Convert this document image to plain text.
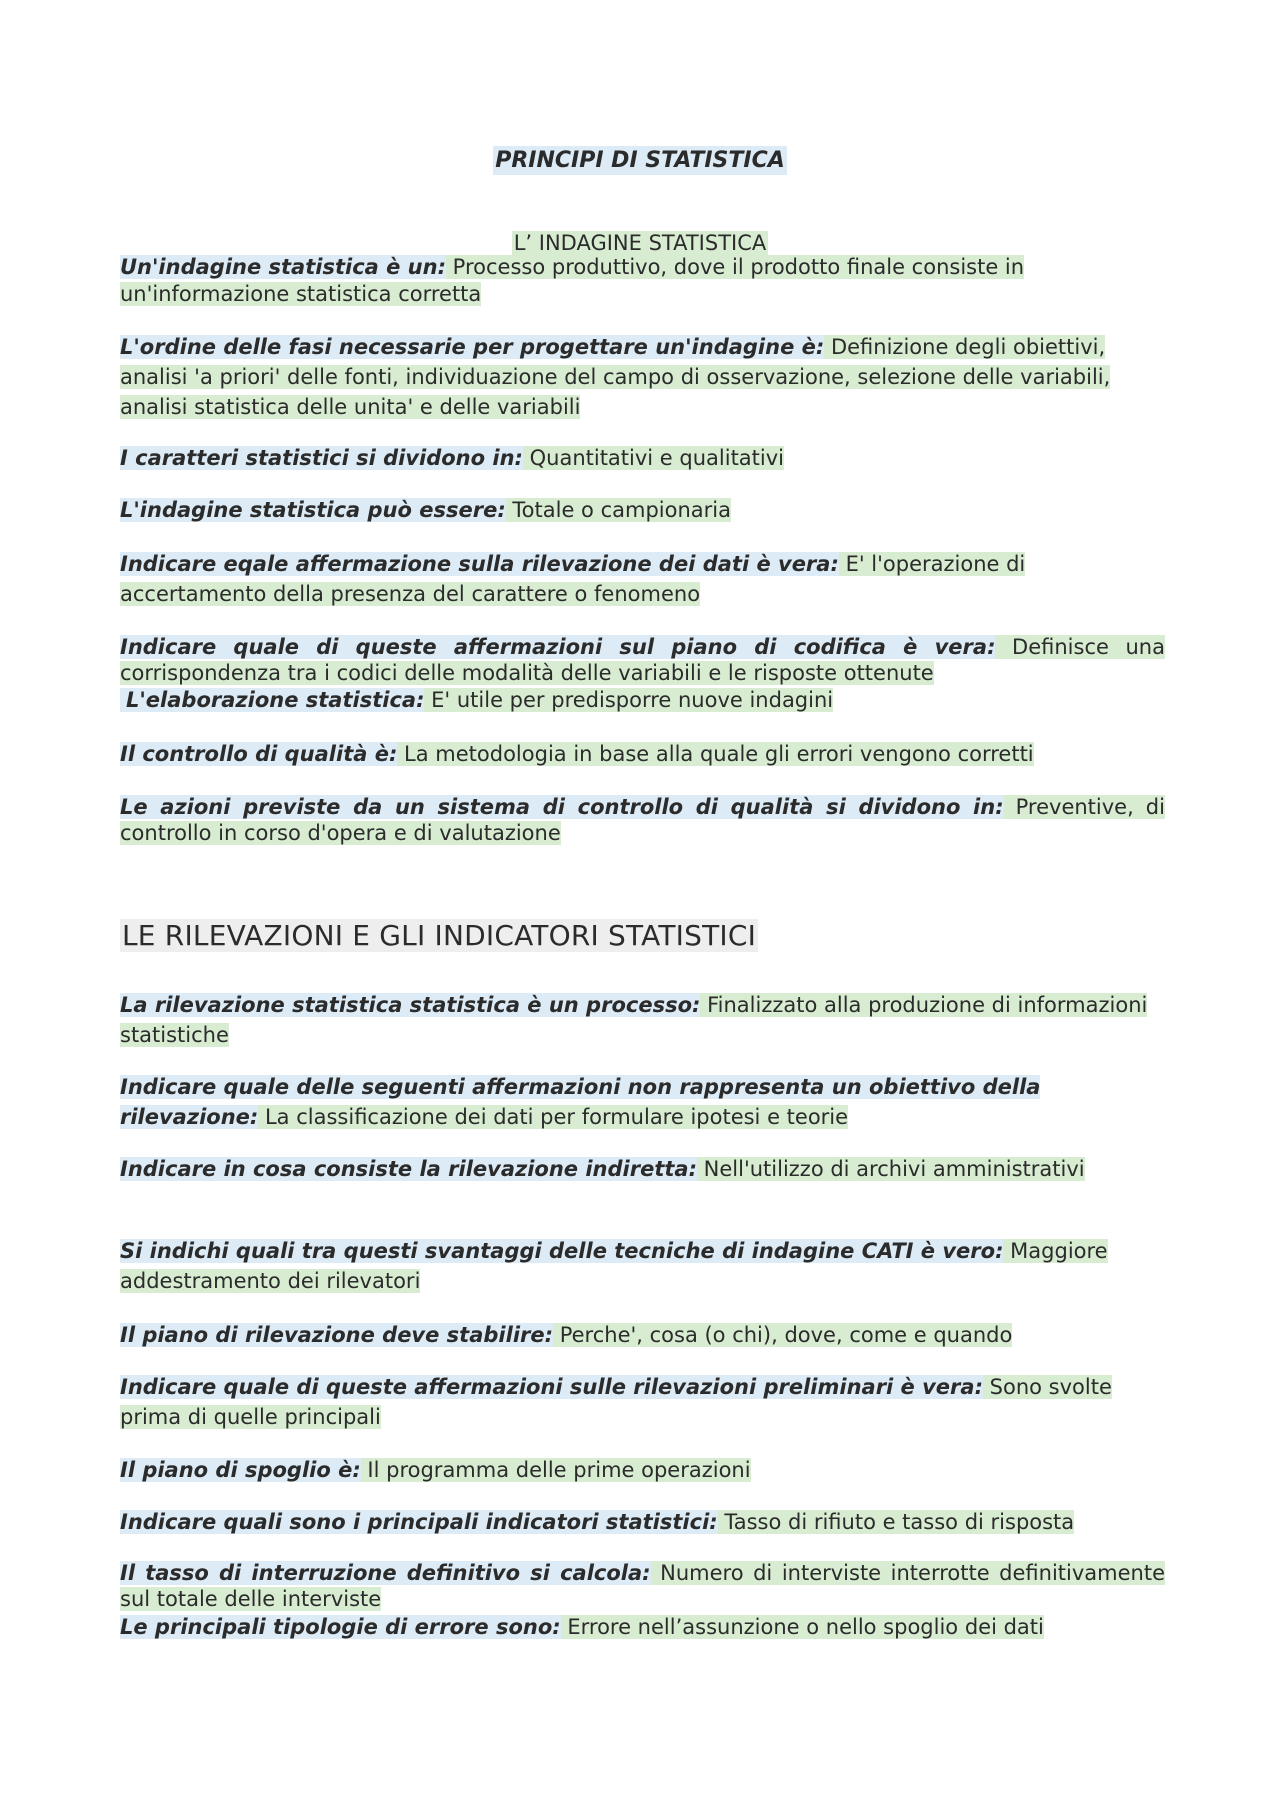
PRINCIPI DI STATISTICA
L’ INDAGINE STATISTICA
Un'indagine statistica è un: Processo produttivo, dove il prodotto finale consiste in un'informazione statistica corretta
L'ordine delle fasi necessarie per progettare un'indagine è: Definizione degli obiettivi, analisi 'a priori' delle fonti, individuazione del campo di osservazione, selezione delle variabili, analisi statistica delle unita' e delle variabili
I caratteri statistici si dividono in: Quantitativi e qualitativi
L'indagine statistica può essere: Totale o campionaria
Indicare eqale affermazione sulla rilevazione dei dati è vera: E' l'operazione di accertamento della presenza del carattere o fenomeno
Indicare quale di queste affermazioni sul piano di codifica è vera: Definisce una corrispondenza tra i codici delle modalità delle variabili e le risposte ottenute
L'elaborazione statistica: E' utile per predisporre nuove indagini
Il controllo di qualità è: La metodologia in base alla quale gli errori vengono corretti
Le azioni previste da un sistema di controllo di qualità si dividono in: Preventive, di controllo in corso d'opera e di valutazione
LE RILEVAZIONI E GLI INDICATORI STATISTICI
La rilevazione statistica statistica è un processo: Finalizzato alla produzione di informazioni statistiche
Indicare quale delle seguenti affermazioni non rappresenta un obiettivo della rilevazione: La classificazione dei dati per formulare ipotesi e teorie
Indicare in cosa consiste la rilevazione indiretta: Nell'utilizzo di archivi amministrativi
Si indichi quali tra questi svantaggi delle tecniche di indagine CATI è vero: Maggiore addestramento dei rilevatori
Il piano di rilevazione deve stabilire: Perche', cosa (o chi), dove, come e quando
Indicare quale di queste affermazioni sulle rilevazioni preliminari è vera: Sono svolte prima di quelle principali
Il piano di spoglio è: Il programma delle prime operazioni
Indicare quali sono i principali indicatori statistici: Tasso di rifiuto e tasso di risposta
Il tasso di interruzione definitivo si calcola: Numero di interviste interrotte definitivamente sul totale delle interviste
Le principali tipologie di errore sono: Errore nell’assunzione o nello spoglio dei dati
